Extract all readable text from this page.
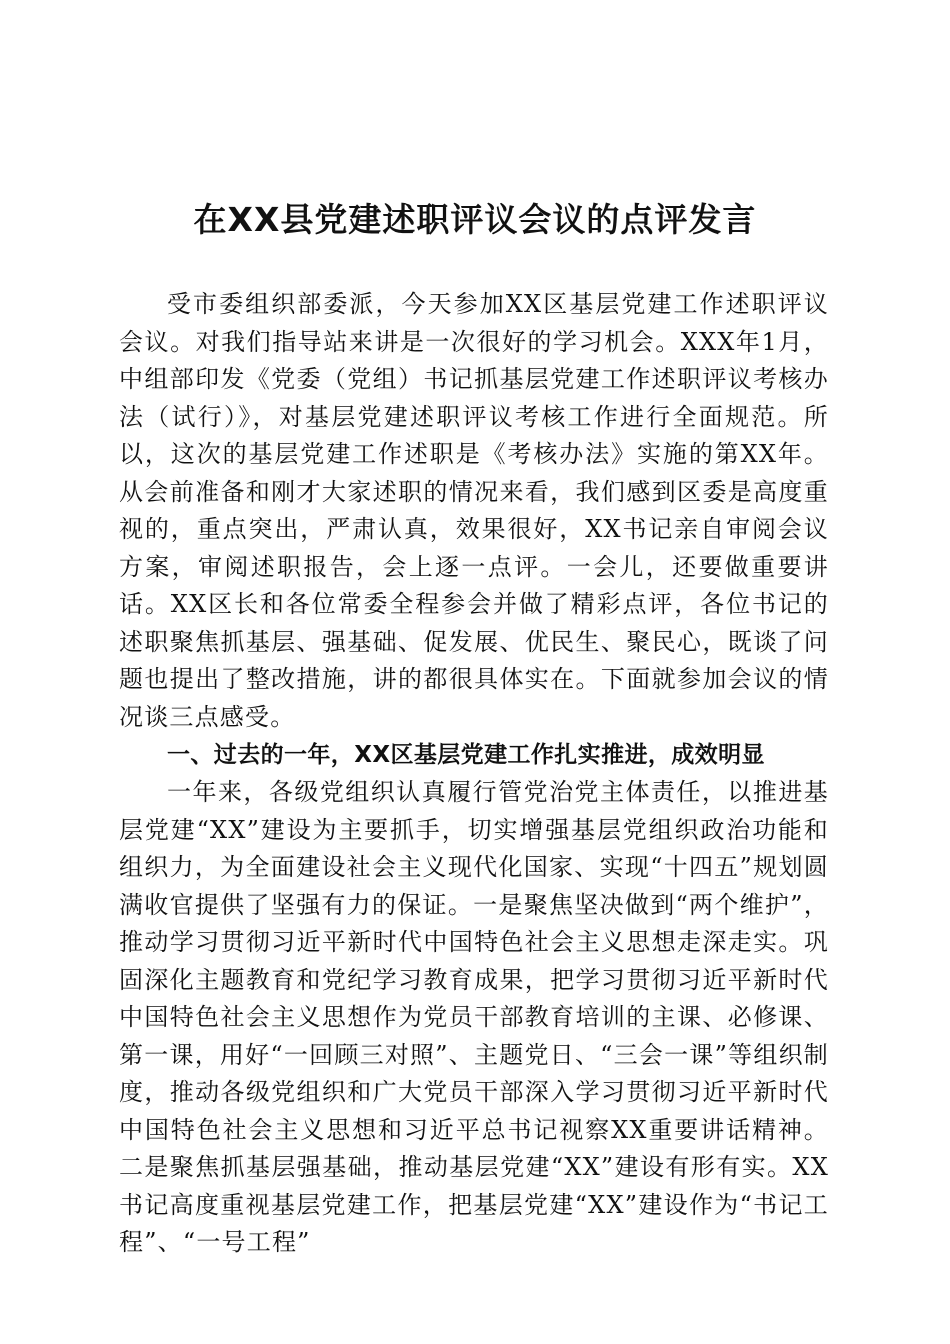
在XX县党建述职评议会议的点评发言

受市委组织部委派，今天参加XX区基层党建工作述职评议会议。对我们指导站来讲是一次很好的学习机会。XXX年1月，中组部印发《党委（党组）书记抓基层党建工作述职评议考核办法（试行）》，对基层党建述职评议考核工作进行全面规范。所以，这次的基层党建工作述职是《考核办法》实施的第XX年。从会前准备和刚才大家述职的情况来看，我们感到区委是高度重视的，重点突出，严肃认真，效果很好，XX书记亲自审阅会议方案，审阅述职报告，会上逐一点评。一会儿，还要做重要讲话。XX区长和各位常委全程参会并做了精彩点评，各位书记的述职聚焦抓基层、强基础、促发展、优民生、聚民心，既谈了问题也提出了整改措施，讲的都很具体实在。下面就参加会议的情况谈三点感受。

一、过去的一年，XX区基层党建工作扎实推进，成效明显

一年来，各级党组织认真履行管党治党主体责任，以推进基层党建“XX”建设为主要抓手，切实增强基层党组织政治功能和组织力，为全面建设社会主义现代化国家、实现“十四五”规划圆满收官提供了坚强有力的保证。一是聚焦坚决做到“两个维护”，推动学习贯彻习近平新时代中国特色社会主义思想走深走实。巩固深化主题教育和党纪学习教育成果，把学习贯彻习近平新时代中国特色社会主义思想作为党员干部教育培训的主课、必修课、第一课，用好“一回顾三对照”、主题党日、“三会一课”等组织制度，推动各级党组织和广大党员干部深入学习贯彻习近平新时代中国特色社会主义思想和习近平总书记视察XX重要讲话精神。二是聚焦抓基层强基础，推动基层党建“XX”建设有形有实。XX书记高度重视基层党建工作，把基层党建“XX”建设作为“书记工程”、“一号工程”
